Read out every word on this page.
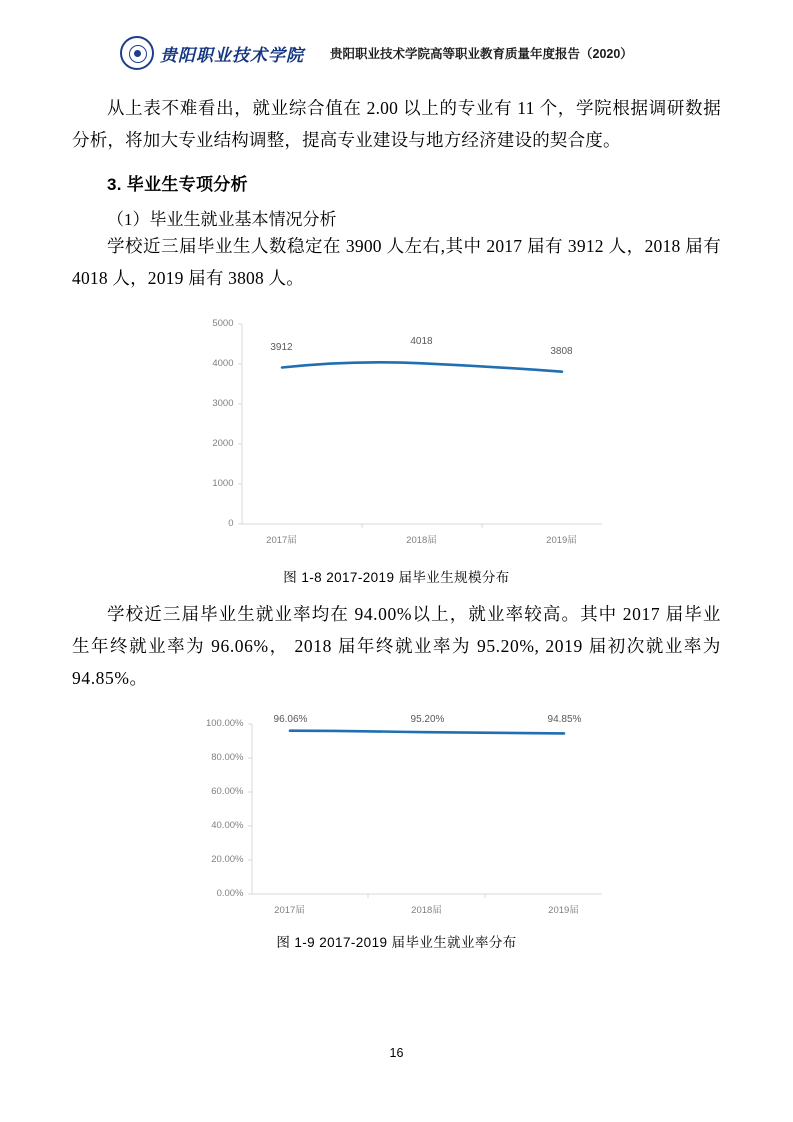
贵阳职业技术学院 贵阳职业技术学院高等职业教育质量年度报告（2020）

从上表不难看出，就业综合值在 2.00 以上的专业有 11 个，学院根据调研数据分析，将加大专业结构调整，提高专业建设与地方经济建设的契合度。

3. 毕业生专项分析

（1）毕业生就业基本情况分析

学校近三届毕业生人数稳定在 3900 人左右,其中 2017 届有 3912 人，2018 届有 4018 人，2019 届有 3808 人。

5000
4000
3000
2000
1000
0
2017届	2018届	2019届
3912
4018
3808
图 1-8 2017-2019 届毕业生规模分布

学校近三届毕业生就业率均在 94.00%以上，就业率较高。其中 2017 届毕业生年终就业率为 96.06%， 2018 届年终就业率为 95.20%, 2019 届初次就业率为 94.85%。

100.00%
80.00%
60.00%
40.00%
20.00%
0.00%
2017届	2018届	2019届
96.06%	95.20%	94.85%
图 1-9 2017-2019 届毕业生就业率分布
16
